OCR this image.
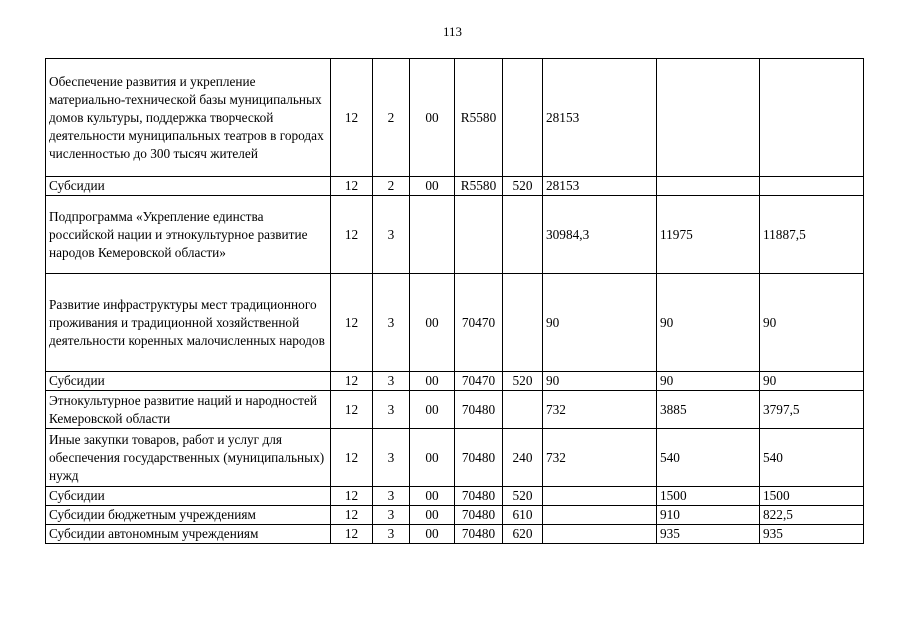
113
Обеспечение развития и укрепление материально-технической базы муниципальных домов культуры, поддержка творческой деятельности муниципальных театров в городах численностью до 300 тысяч жителей	12	2	00	R5580		28153		
Субсидии	12	2	00	R5580	520	28153		
Подпрограмма «Укрепление единства российской нации и этнокультурное развитие народов Кемеровской области»	12	3				30984,3	11975	11887,5
Развитие инфраструктуры мест традиционного проживания и традиционной хозяйственной деятельности коренных малочисленных народов	12	3	00	70470		90	90	90
Субсидии	12	3	00	70470	520	90	90	90
Этнокультурное развитие наций и народностей Кемеровской области	12	3	00	70480		732	3885	3797,5
Иные закупки товаров, работ и услуг для обеспечения государственных (муниципальных) нужд	12	3	00	70480	240	732	540	540
Субсидии	12	3	00	70480	520		1500	1500
Субсидии бюджетным учреждениям	12	3	00	70480	610		910	822,5
Субсидии автономным учреждениям	12	3	00	70480	620		935	935
